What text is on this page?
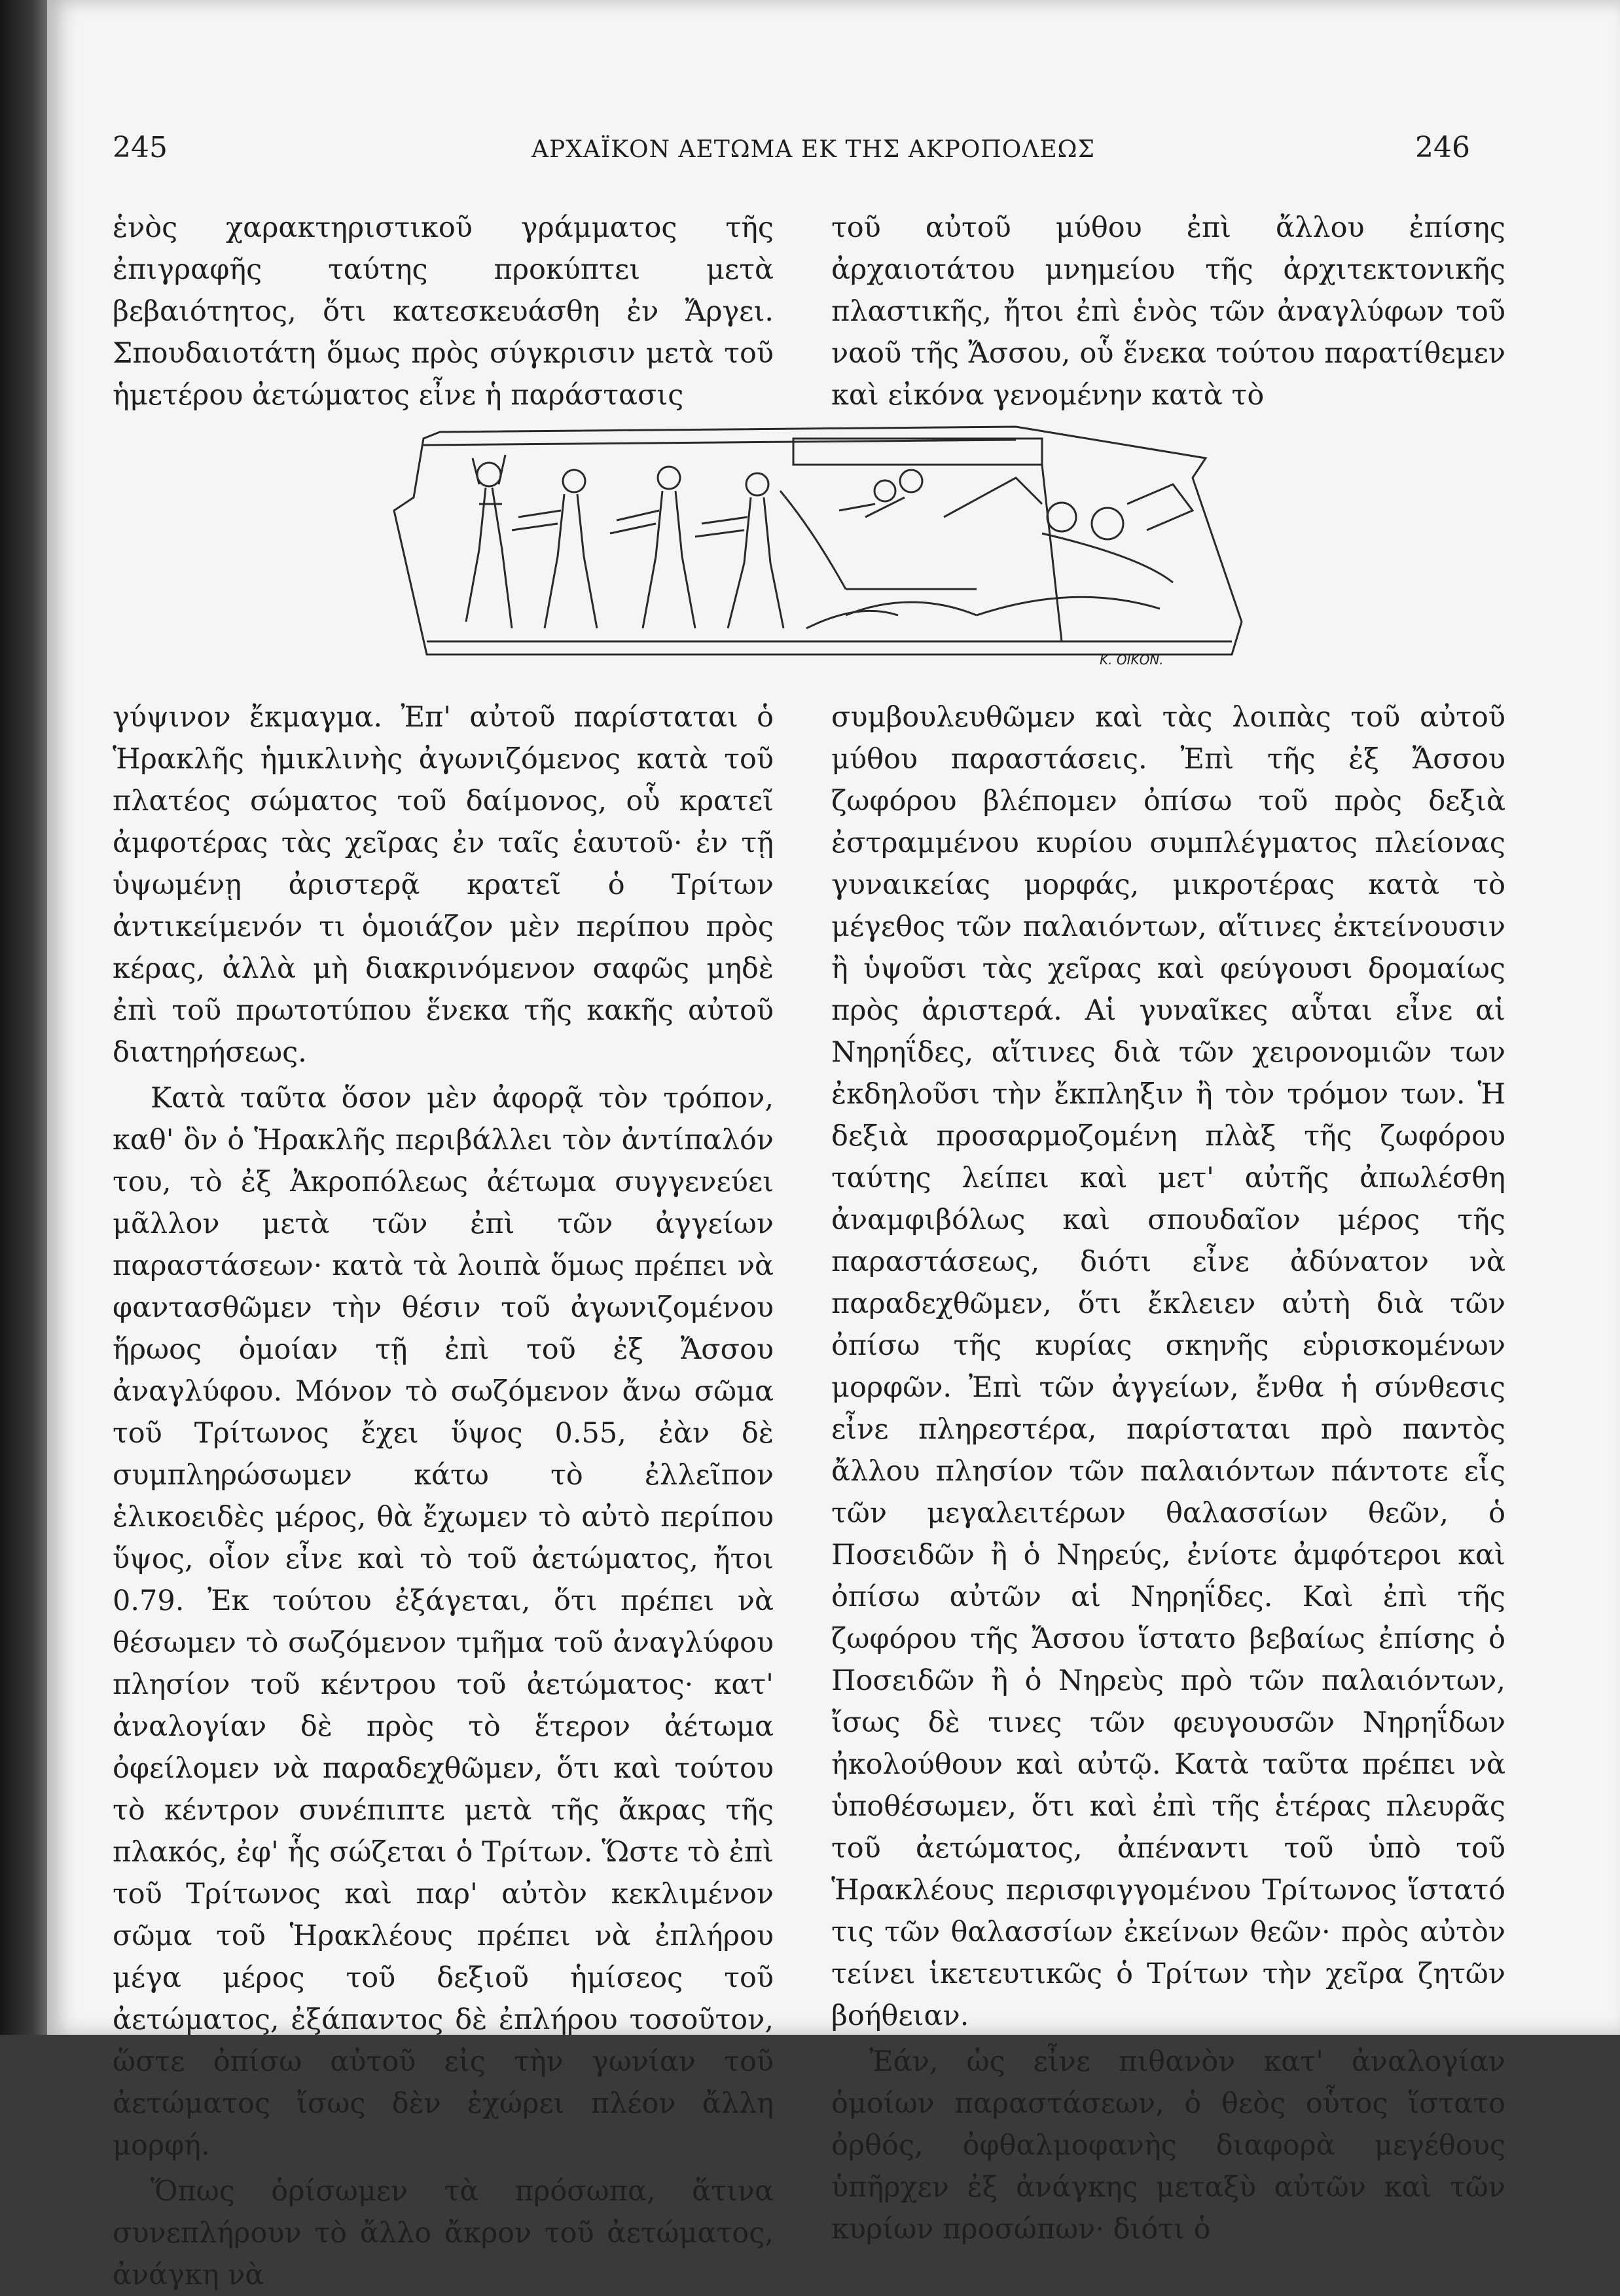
245	ΑΡΧΑΪΚΟΝ ΑΕΤΩΜΑ ΕΚ ΤΗΣ ΑΚΡΟΠΟΛΕΩΣ	246

ἑνὸς χαρακτηριστικοῦ γράμματος τῆς ἐπιγραφῆς ταύτης προκύπτει μετὰ βεβαιότητος, ὅτι κατεσκευάσθη ἐν Ἄργει. Σπουδαιοτάτη ὅμως πρὸς σύγκρισιν μετὰ τοῦ ἡμετέρου ἀετώματος εἶνε ἡ παράστασις

τοῦ αὐτοῦ μύθου ἐπὶ ἄλλου ἐπίσης ἀρχαιοτάτου μνημείου τῆς ἀρχιτεκτονικῆς πλαστικῆς, ἤτοι ἐπὶ ἑνὸς τῶν ἀναγλύφων τοῦ ναοῦ τῆς Ἄσσου, οὗ ἕνεκα τούτου παρατίθεμεν καὶ εἰκόνα γενομένην κατὰ τὸ

Κ. ΟΙΚΟΝ.

γύψινον ἔκμαγμα. Ἐπ' αὐτοῦ παρίσταται ὁ Ἡρακλῆς ἡμικλινὴς ἀγωνιζόμενος κατὰ τοῦ πλατέος σώματος τοῦ δαίμονος, οὗ κρατεῖ ἀμφοτέρας τὰς χεῖρας ἐν ταῖς ἑαυτοῦ· ἐν τῇ ὑψωμένῃ ἀριστερᾷ κρατεῖ ὁ Τρίτων ἀντικείμενόν τι ὁμοιάζον μὲν περίπου πρὸς κέρας, ἀλλὰ μὴ διακρινόμενον σαφῶς μηδὲ ἐπὶ τοῦ πρωτοτύπου ἕνεκα τῆς κακῆς αὐτοῦ διατηρήσεως.

Κατὰ ταῦτα ὅσον μὲν ἀφορᾷ τὸν τρόπον, καθ' ὃν ὁ Ἡρακλῆς περιβάλλει τὸν ἀντίπαλόν του, τὸ ἐξ Ἀκροπόλεως ἀέτωμα συγγενεύει μᾶλλον μετὰ τῶν ἐπὶ τῶν ἀγγείων παραστάσεων· κατὰ τὰ λοιπὰ ὅμως πρέπει νὰ φαντασθῶμεν τὴν θέσιν τοῦ ἀγωνιζομένου ἥρωος ὁμοίαν τῇ ἐπὶ τοῦ ἐξ Ἄσσου ἀναγλύφου. Μόνον τὸ σωζόμενον ἄνω σῶμα τοῦ Τρίτωνος ἔχει ὕψος 0.55, ἐὰν δὲ συμπληρώσωμεν κάτω τὸ ἐλλεῖπον ἑλικοειδὲς μέρος, θὰ ἔχωμεν τὸ αὐτὸ περίπου ὕψος, οἷον εἶνε καὶ τὸ τοῦ ἀετώματος, ἤτοι 0.79. Ἐκ τούτου ἐξάγεται, ὅτι πρέπει νὰ θέσωμεν τὸ σωζόμενον τμῆμα τοῦ ἀναγλύφου πλησίον τοῦ κέντρου τοῦ ἀετώματος· κατ' ἀναλογίαν δὲ πρὸς τὸ ἕτερον ἀέτωμα ὀφείλομεν νὰ παραδεχθῶμεν, ὅτι καὶ τούτου τὸ κέντρον συνέπιπτε μετὰ τῆς ἄκρας τῆς πλακός, ἐφ' ἧς σώζεται ὁ Τρίτων. Ὥστε τὸ ἐπὶ τοῦ Τρίτωνος καὶ παρ' αὐτὸν κεκλιμένον σῶμα τοῦ Ἡρακλέους πρέπει νὰ ἐπλήρου μέγα μέρος τοῦ δεξιοῦ ἡμίσεος τοῦ ἀετώματος, ἐξάπαντος δὲ ἐπλήρου τοσοῦτον, ὥστε ὀπίσω αὐτοῦ εἰς τὴν γωνίαν τοῦ ἀετώματος ἴσως δὲν ἐχώρει πλέον ἄλλη μορφή.

Ὅπως ὁρίσωμεν τὰ πρόσωπα, ἅτινα συνεπλήρουν τὸ ἄλλο ἄκρον τοῦ ἀετώματος, ἀνάγκη νὰ

συμβουλευθῶμεν καὶ τὰς λοιπὰς τοῦ αὐτοῦ μύθου παραστάσεις. Ἐπὶ τῆς ἐξ Ἄσσου ζωφόρου βλέπομεν ὀπίσω τοῦ πρὸς δεξιὰ ἐστραμμένου κυρίου συμπλέγματος πλείονας γυναικείας μορφάς, μικροτέρας κατὰ τὸ μέγεθος τῶν παλαιόντων, αἵτινες ἐκτείνουσιν ἢ ὑψοῦσι τὰς χεῖρας καὶ φεύγουσι δρομαίως πρὸς ἀριστερά. Αἱ γυναῖκες αὗται εἶνε αἱ Νηρηΐδες, αἵτινες διὰ τῶν χειρονομιῶν των ἐκδηλοῦσι τὴν ἔκπληξιν ἢ τὸν τρόμον των. Ἡ δεξιὰ προσαρμοζομένη πλὰξ τῆς ζωφόρου ταύτης λείπει καὶ μετ' αὐτῆς ἀπωλέσθη ἀναμφιβόλως καὶ σπουδαῖον μέρος τῆς παραστάσεως, διότι εἶνε ἀδύνατον νὰ παραδεχθῶμεν, ὅτι ἔκλειεν αὐτὴ διὰ τῶν ὀπίσω τῆς κυρίας σκηνῆς εὑρισκομένων μορφῶν. Ἐπὶ τῶν ἀγγείων, ἔνθα ἡ σύνθεσις εἶνε πληρεστέρα, παρίσταται πρὸ παντὸς ἄλλου πλησίον τῶν παλαιόντων πάντοτε εἷς τῶν μεγαλειτέρων θαλασσίων θεῶν, ὁ Ποσειδῶν ἢ ὁ Νηρεύς, ἐνίοτε ἀμφότεροι καὶ ὀπίσω αὐτῶν αἱ Νηρηΐδες. Καὶ ἐπὶ τῆς ζωφόρου τῆς Ἄσσου ἵστατο βεβαίως ἐπίσης ὁ Ποσειδῶν ἢ ὁ Νηρεὺς πρὸ τῶν παλαιόντων, ἴσως δὲ τινες τῶν φευγουσῶν Νηρηΐδων ἠκολούθουν καὶ αὐτῷ. Κατὰ ταῦτα πρέπει νὰ ὑποθέσωμεν, ὅτι καὶ ἐπὶ τῆς ἑτέρας πλευρᾶς τοῦ ἀετώματος, ἀπέναντι τοῦ ὑπὸ τοῦ Ἡρακλέους περισφιγγομένου Τρίτωνος ἵστατό τις τῶν θαλασσίων ἐκείνων θεῶν· πρὸς αὐτὸν τείνει ἱκετευτικῶς ὁ Τρίτων τὴν χεῖρα ζητῶν βοήθειαν.

Ἐάν, ὡς εἶνε πιθανὸν κατ' ἀναλογίαν ὁμοίων παραστάσεων, ὁ θεὸς οὗτος ἵστατο ὀρθός, ὀφθαλμοφανὴς διαφορὰ μεγέθους ὑπῆρχεν ἐξ ἀνάγκης μεταξὺ αὐτῶν καὶ τῶν κυρίων προσώπων· διότι ὁ
